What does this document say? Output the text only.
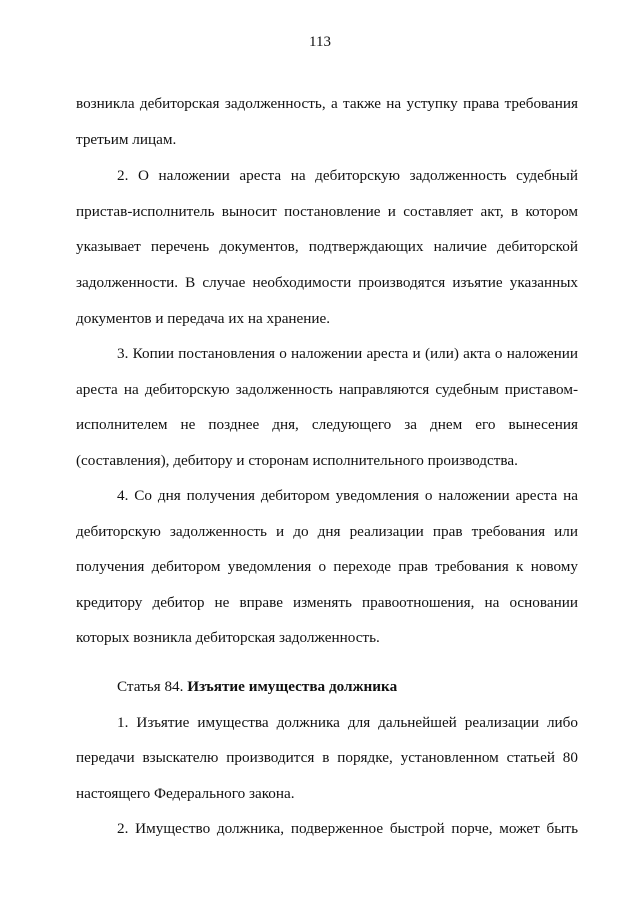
113
возникла дебиторская задолженность, а также на уступку права требования
третьим лицам.
2. О наложении ареста на дебиторскую задолженность судебный
пристав-исполнитель выносит постановление и составляет акт, в котором
указывает перечень документов, подтверждающих наличие дебиторской
задолженности. В случае необходимости производятся изъятие указанных
документов и передача их на хранение.
3. Копии постановления о наложении ареста и (или) акта о наложении
ареста на дебиторскую задолженность направляются судебным приставом-
исполнителем не позднее дня, следующего за днем его вынесения
(составления), дебитору и сторонам исполнительного производства.
4. Со дня получения дебитором уведомления о наложении ареста на
дебиторскую задолженность и до дня реализации прав требования или
получения дебитором уведомления о переходе прав требования к новому
кредитору дебитор не вправе изменять правоотношения, на основании
которых возникла дебиторская задолженность.
Статья 84. Изъятие имущества должника
1. Изъятие имущества должника для дальнейшей реализации либо
передачи взыскателю производится в порядке, установленном статьей 80
настоящего Федерального закона.
2. Имущество должника, подверженное быстрой порче, может быть
